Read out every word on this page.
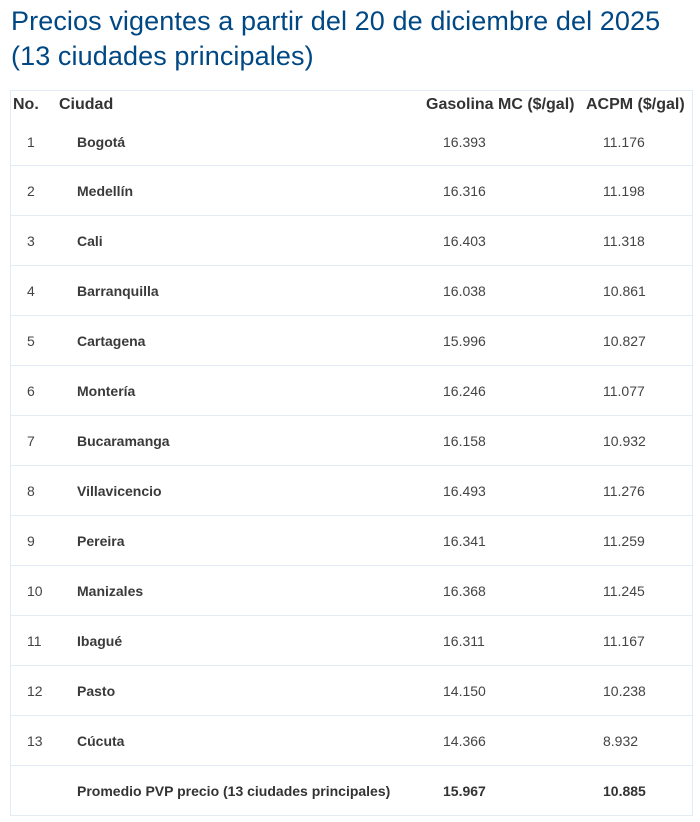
Precios vigentes a partir del 20 de diciembre del 2025 (13 ciudades principales)
No.	Ciudad	Gasolina MC ($/gal)	ACPM ($/gal)
1	Bogotá	16.393	11.176
2	Medellín	16.316	11.198
3	Cali	16.403	11.318
4	Barranquilla	16.038	10.861
5	Cartagena	15.996	10.827
6	Montería	16.246	11.077
7	Bucaramanga	16.158	10.932
8	Villavicencio	16.493	11.276
9	Pereira	16.341	11.259
10	Manizales	16.368	11.245
11	Ibagué	16.311	11.167
12	Pasto	14.150	10.238
13	Cúcuta	14.366	8.932
	Promedio PVP precio (13 ciudades principales)	15.967	10.885
